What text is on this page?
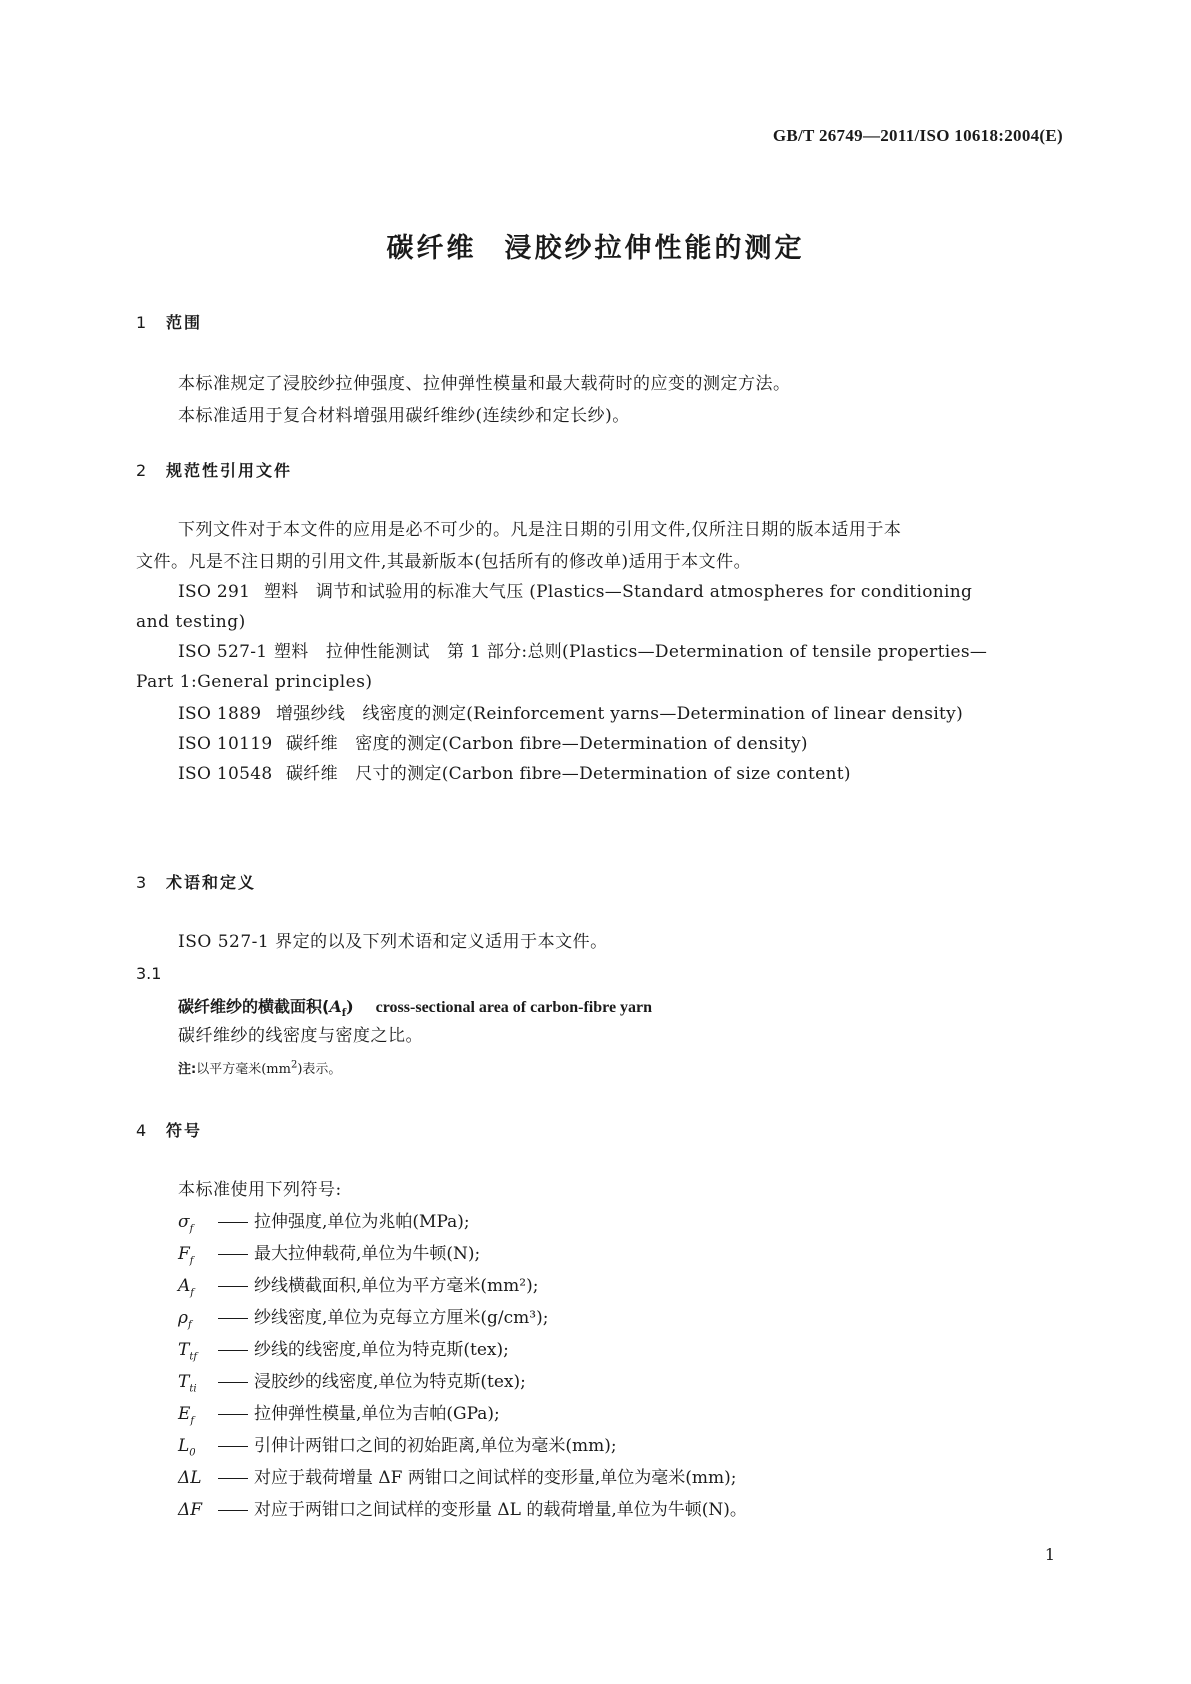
GB/T 26749—2011/ISO 10618:2004(E)
碳纤维 浸胶纱拉伸性能的测定
1 范围
本标准规定了浸胶纱拉伸强度、拉伸弹性模量和最大载荷时的应变的测定方法。
本标准适用于复合材料增强用碳纤维纱(连续纱和定长纱)。
2 规范性引用文件
下列文件对于本文件的应用是必不可少的。凡是注日期的引用文件,仅所注日期的版本适用于本
文件。凡是不注日期的引用文件,其最新版本(包括所有的修改单)适用于本文件。
ISO 291 塑料　调节和试验用的标准大气压 (Plastics—Standard atmospheres for conditioning
and testing)
ISO 527-1 塑料　拉伸性能测试　第 1 部分:总则(Plastics—Determination of tensile properties—
Part 1:General principles)
ISO 1889 增强纱线　线密度的测定(Reinforcement yarns—Determination of linear density)
ISO 10119 碳纤维　密度的测定(Carbon fibre—Determination of density)
ISO 10548 碳纤维　尺寸的测定(Carbon fibre—Determination of size content)
3 术语和定义
ISO 527-1 界定的以及下列术语和定义适用于本文件。
3.1
碳纤维纱的横截面积$(A_f)$ cross-sectional area of carbon-fibre yarn
碳纤维纱的线密度与密度之比。
注:以平方毫米$(mm^2)$表示。
4 符号
本标准使用下列符号:
$\sigma_f$	拉伸强度,单位为兆帕(MPa);
$F_f$	最大拉伸载荷,单位为牛顿(N);
$A_f$	纱线横截面积,单位为平方毫米(mm²);
$\rho_f$	纱线密度,单位为克每立方厘米(g/cm³);
$T_{tf}$	纱线的线密度,单位为特克斯(tex);
$T_{ti}$	浸胶纱的线密度,单位为特克斯(tex);
$E_f$	拉伸弹性模量,单位为吉帕(GPa);
$L_0$	引伸计两钳口之间的初始距离,单位为毫米(mm);
ΔL	对应于载荷增量 ΔF 两钳口之间试样的变形量,单位为毫米(mm);
ΔF	对应于两钳口之间试样的变形量 ΔL 的载荷增量,单位为牛顿(N)。
1
